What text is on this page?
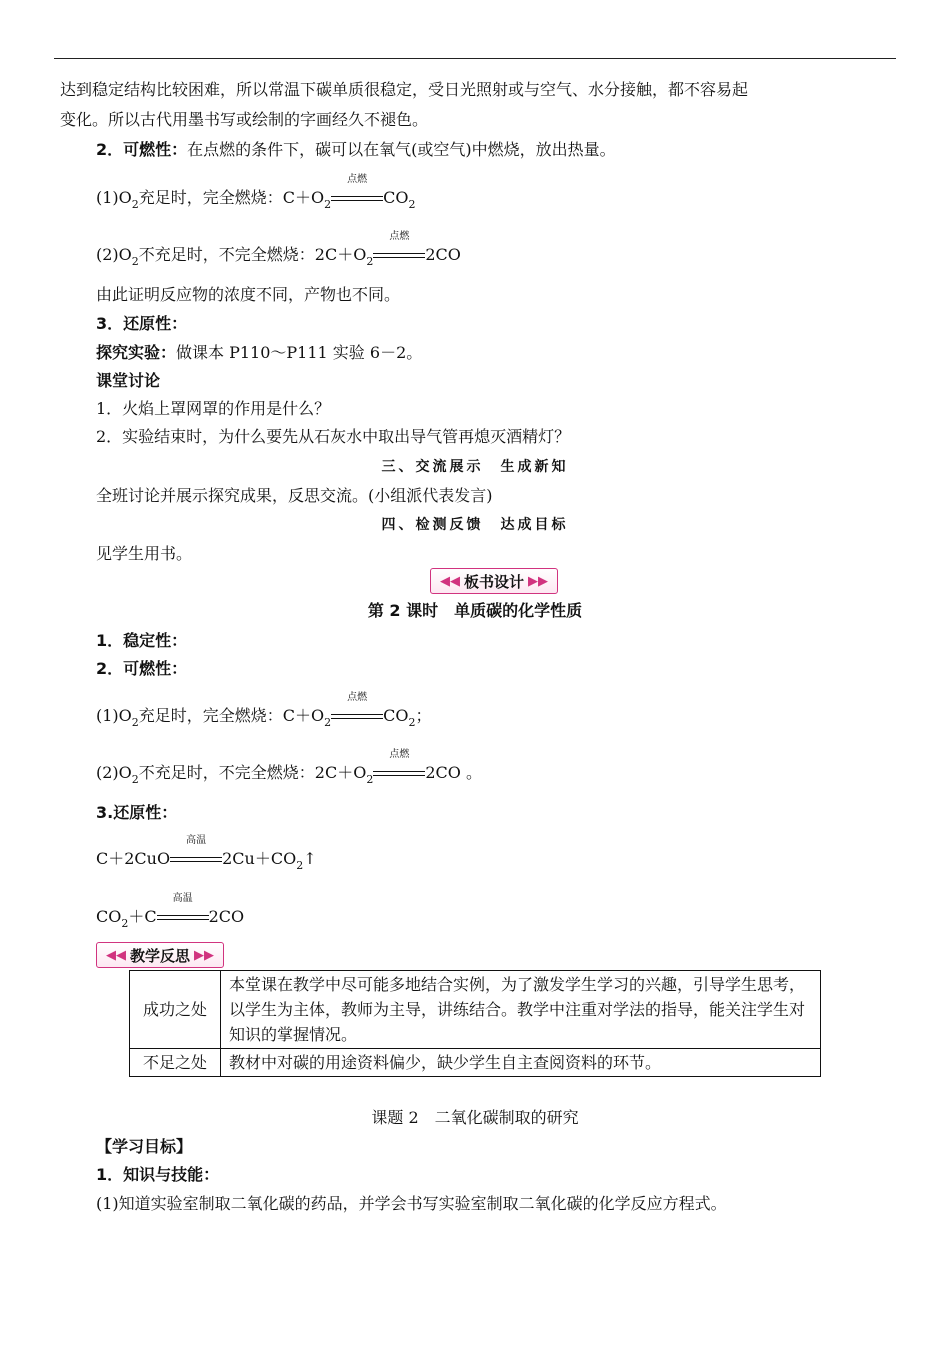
达到稳定结构比较困难，所以常温下碳单质很稳定，受日光照射或与空气、水分接触，都不容易起
变化。所以古代用墨书写或绘制的字画经久不褪色。
2．可燃性：在点燃的条件下，碳可以在氧气(或空气)中燃烧，放出热量。
$(1)O_2$充足时，完全燃烧：$C+O_2$
点燃
$CO_2$
$(2)O_2$不充足时，不完全燃烧：$2C+O_2$
点燃
2CO
由此证明反应物的浓度不同，产物也不同。
3．还原性：
探究实验：做课本 P110～P111 实验 6－2。
课堂讨论
1．火焰上罩网罩的作用是什么？
2．实验结束时，为什么要先从石灰水中取出导气管再熄灭酒精灯？
三、交流展示　生成新知
全班讨论并展示探究成果，反思交流。(小组派代表发言)
四、检测反馈　达成目标
见学生用书。
◀◀ 板书设计 ▶▶
第 2 课时　单质碳的化学性质
1．稳定性：
2．可燃性：
$(1)O_2$充足时，完全燃烧：$C+O_2$
点燃
$CO_2$；
$(2)O_2$不充足时，不完全燃烧：$2C+O_2$
点燃
2CO 。
3.还原性：
C＋2CuO
高温
$2Cu+CO_2↑$
$CO_2+C$
高温
2CO
◀◀ 教学反思 ▶▶
成功之处	本堂课在教学中尽可能多地结合实例，为了激发学生学习的兴趣，引导学生思考，以学生为主体，教师为主导，讲练结合。教学中注重对学法的指导，能关注学生对知识的掌握情况。
不足之处	教材中对碳的用途资料偏少，缺少学生自主查阅资料的环节。
课题 2　二氧化碳制取的研究
【学习目标】
1．知识与技能：
(1)知道实验室制取二氧化碳的药品，并学会书写实验室制取二氧化碳的化学反应方程式。
